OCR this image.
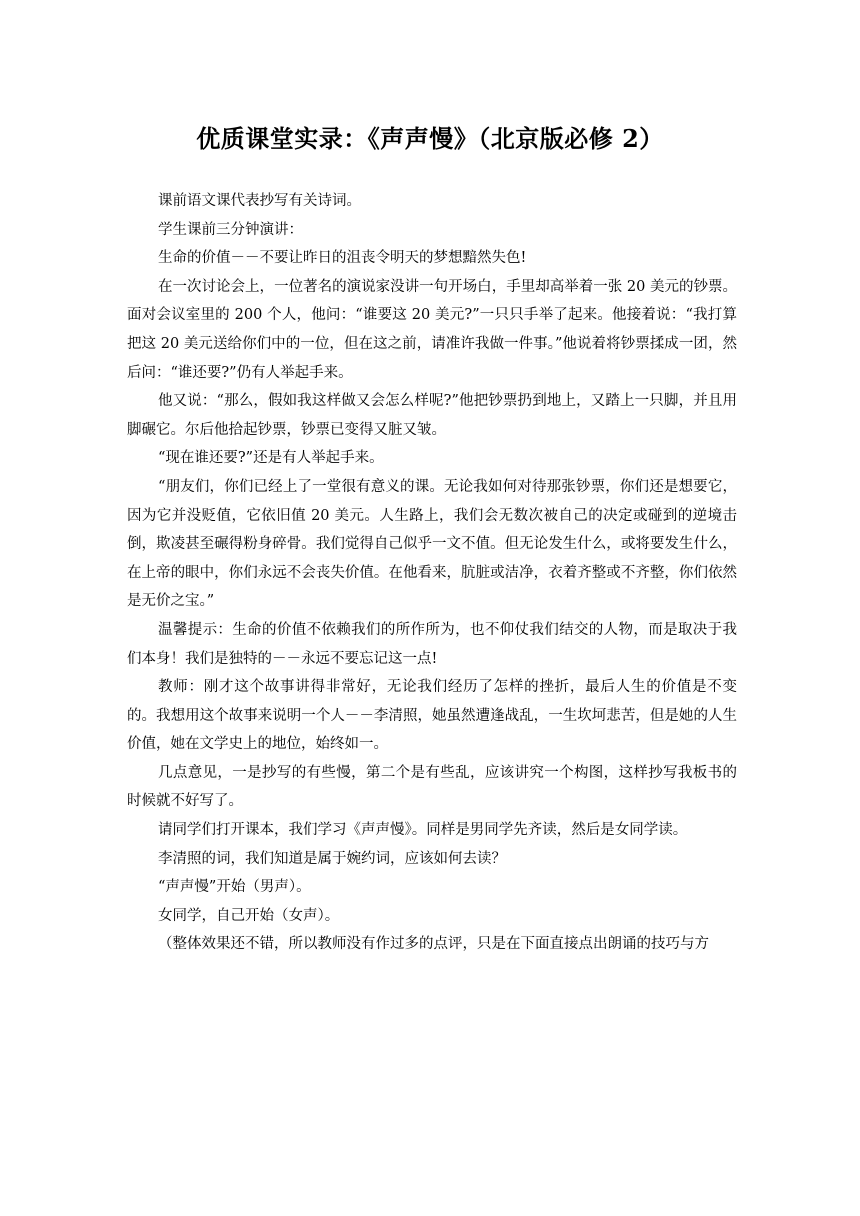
优质课堂实录：《声声慢》（北京版必修 2）

课前语文课代表抄写有关诗词。

学生课前三分钟演讲：

生命的价值－－不要让昨日的沮丧令明天的梦想黯然失色!

在一次讨论会上，一位著名的演说家没讲一句开场白，手里却高举着一张 20 美元的钞票。面对会议室里的 200 个人，他问：“谁要这 20 美元?”一只只手举了起来。他接着说：“我打算把这 20 美元送给你们中的一位，但在这之前，请准许我做一件事。”他说着将钞票揉成一团，然后问：“谁还要?”仍有人举起手来。

他又说：“那么，假如我这样做又会怎么样呢?”他把钞票扔到地上，又踏上一只脚，并且用脚碾它。尔后他拾起钞票，钞票已变得又脏又皱。

“现在谁还要?”还是有人举起手来。

“朋友们，你们已经上了一堂很有意义的课。无论我如何对待那张钞票，你们还是想要它，因为它并没贬值，它依旧值 20 美元。人生路上，我们会无数次被自己的决定或碰到的逆境击倒，欺凌甚至碾得粉身碎骨。我们觉得自己似乎一文不值。但无论发生什么，或将要发生什么，在上帝的眼中，你们永远不会丧失价值。在他看来，肮脏或洁净，衣着齐整或不齐整，你们依然是无价之宝。”

温馨提示：生命的价值不依赖我们的所作所为，也不仰仗我们结交的人物，而是取决于我们本身！我们是独特的－－永远不要忘记这一点!

教师：刚才这个故事讲得非常好，无论我们经历了怎样的挫折，最后人生的价值是不变的。我想用这个故事来说明一个人－－李清照，她虽然遭逢战乱，一生坎坷悲苦，但是她的人生价值，她在文学史上的地位，始终如一。

几点意见，一是抄写的有些慢，第二个是有些乱，应该讲究一个构图，这样抄写我板书的时候就不好写了。

请同学们打开课本，我们学习《声声慢》。同样是男同学先齐读，然后是女同学读。

李清照的词，我们知道是属于婉约词，应该如何去读？

“声声慢”开始（男声）。

女同学，自己开始（女声）。

（整体效果还不错，所以教师没有作过多的点评，只是在下面直接点出朗诵的技巧与方
